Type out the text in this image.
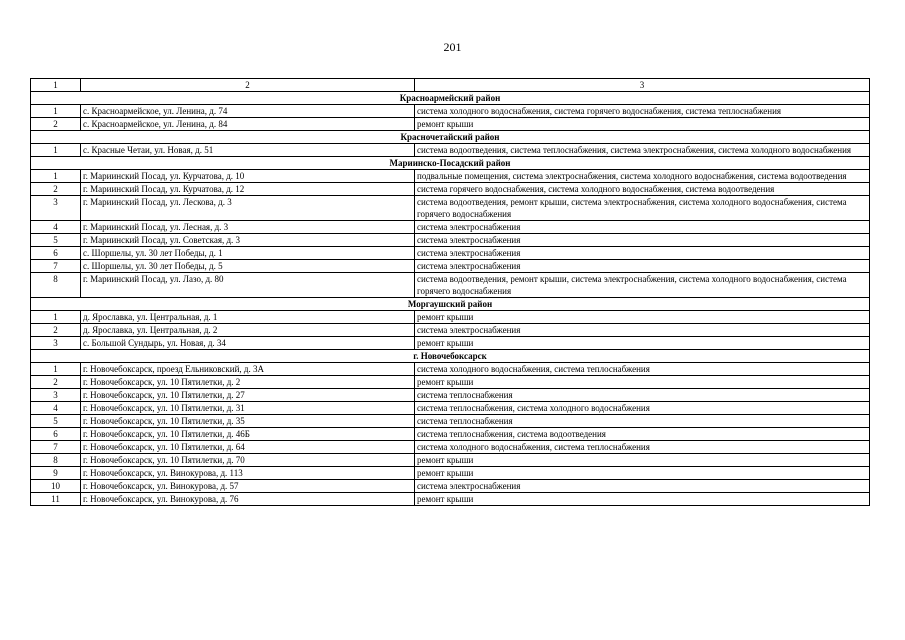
201
1	2	3
Красноармейский район		
1	с. Красноармейское, ул. Ленина, д. 74	система холодного водоснабжения, система горячего водоснабжения, система теплоснабжения
2	с. Красноармейское, ул. Ленина, д. 84	ремонт крыши
Красночетайский район		
1	с. Красные Четаи, ул. Новая, д. 51	система водоотведения, система теплоснабжения, система электроснабжения, система холодного водоснабжения
Мариинско-Посадский район		
1	г. Мариинский Посад, ул. Курчатова, д. 10	подвальные помещения, система электроснабжения, система холодного водоснабжения, система водоотведения
2	г. Мариинский Посад, ул. Курчатова, д. 12	система горячего водоснабжения, система холодного водоснабжения, система водоотведения
3	г. Мариинский Посад, ул. Лескова, д. 3	система водоотведения, ремонт крыши, система электроснабжения, система холодного водоснабжения, система горячего водоснабжения
4	г. Мариинский Посад, ул. Лесная, д. 3	система электроснабжения
5	г. Мариинский Посад, ул. Советская, д. 3	система электроснабжения
6	с. Шоршелы, ул. 30 лет Победы, д. 1	система электроснабжения
7	с. Шоршелы, ул. 30 лет Победы, д. 5	система электроснабжения
8	г. Мариинский Посад, ул. Лазо, д. 80	система водоотведения, ремонт крыши, система электроснабжения, система холодного водоснабжения, система горячего водоснабжения
Моргаушский район		
1	д. Ярославка, ул. Центральная, д. 1	ремонт крыши
2	д. Ярославка, ул. Центральная, д. 2	система электроснабжения
3	с. Большой Сундырь, ул. Новая, д. 34	ремонт крыши
г. Новочебоксарск		
1	г. Новочебоксарск, проезд Ельниковский, д. 3А	система холодного водоснабжения, система теплоснабжения
2	г. Новочебоксарск, ул. 10 Пятилетки, д. 2	ремонт крыши
3	г. Новочебоксарск, ул. 10 Пятилетки, д. 27	система теплоснабжения
4	г. Новочебоксарск, ул. 10 Пятилетки, д. 31	система теплоснабжения, система холодного водоснабжения
5	г. Новочебоксарск, ул. 10 Пятилетки, д. 35	система теплоснабжения
6	г. Новочебоксарск, ул. 10 Пятилетки, д. 46Б	система теплоснабжения, система водоотведения
7	г. Новочебоксарск, ул. 10 Пятилетки, д. 64	система холодного водоснабжения, система теплоснабжения
8	г. Новочебоксарск, ул. 10 Пятилетки, д. 70	ремонт крыши
9	г. Новочебоксарск, ул. Винокурова, д. 113	ремонт крыши
10	г. Новочебоксарск, ул. Винокурова, д. 57	система электроснабжения
11	г. Новочебоксарск, ул. Винокурова, д. 76	ремонт крыши
